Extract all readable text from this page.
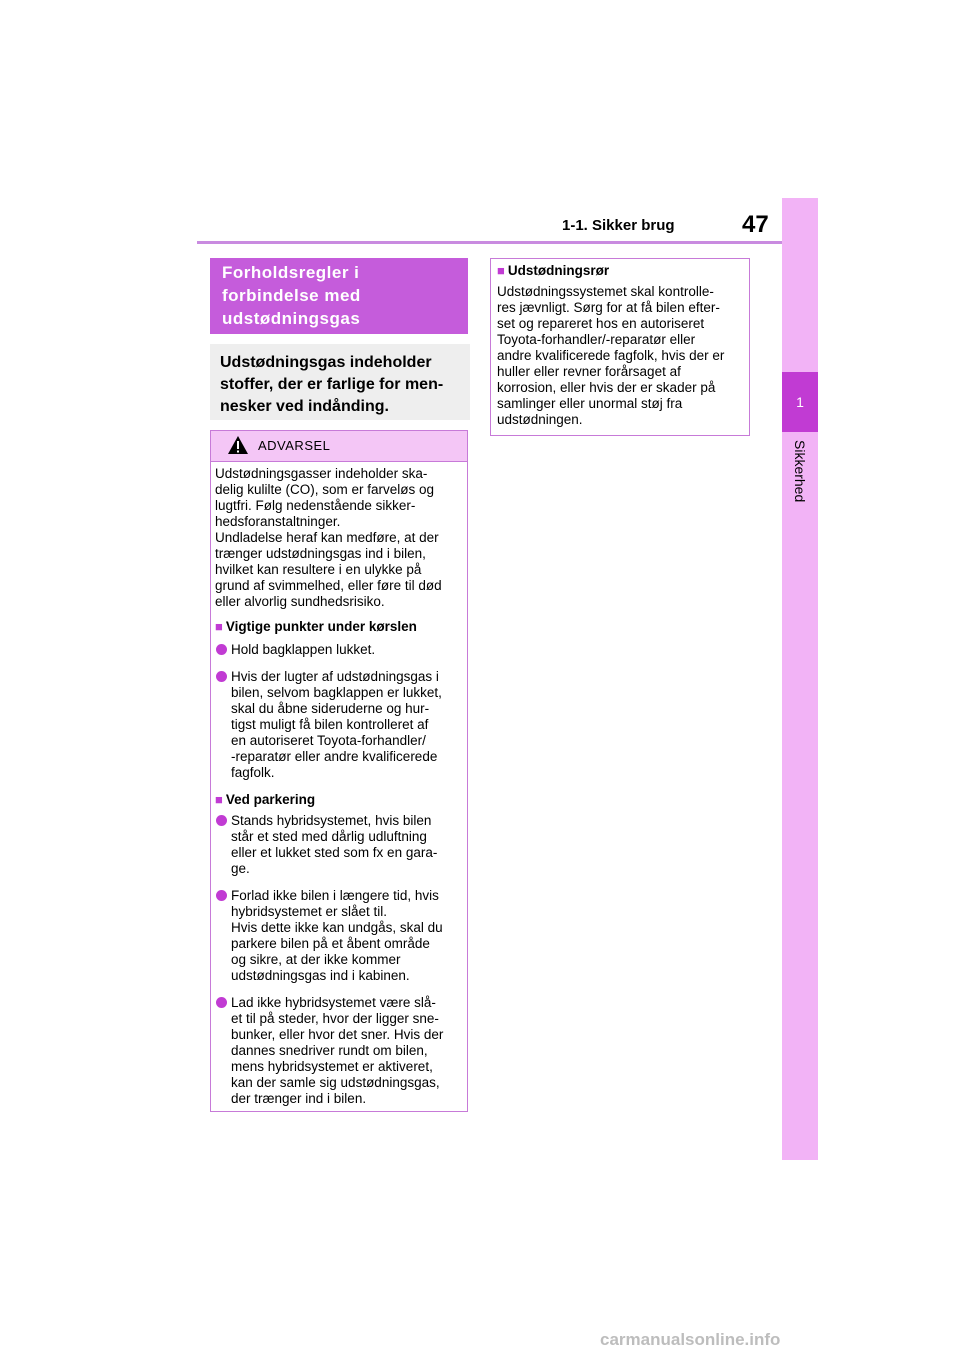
1-1. Sikker brug	47
1
Sikkerhed
Forholdsregler i
forbindelse med
udstødningsgas
Udstødningsgas indeholder
stoffer, der er farlige for men-
nesker ved indånding.
ADVARSEL
Udstødningsgasser indeholder ska-
delig kulilte (CO), som er farveløs og
lugtfri. Følg nedenstående sikker-
hedsforanstaltninger.
Undladelse heraf kan medføre, at der
trænger udstødningsgas ind i bilen,
hvilket kan resultere i en ulykke på
grund af svimmelhed, eller føre til død
eller alvorlig sundhedsrisiko.
■ Vigtige punkter under kørslen
Hold bagklappen lukket.
Hvis der lugter af udstødningsgas i
bilen, selvom bagklappen er lukket,
skal du åbne sideruderne og hur-
tigst muligt få bilen kontrolleret af
en autoriseret Toyota-forhandler/
-reparatør eller andre kvalificerede
fagfolk.
■ Ved parkering
Stands hybridsystemet, hvis bilen
står et sted med dårlig udluftning
eller et lukket sted som fx en gara-
ge.
Forlad ikke bilen i længere tid, hvis
hybridsystemet er slået til.
Hvis dette ikke kan undgås, skal du
parkere bilen på et åbent område
og sikre, at der ikke kommer
udstødningsgas ind i kabinen.
Lad ikke hybridsystemet være slå-
et til på steder, hvor der ligger sne-
bunker, eller hvor det sner. Hvis der
dannes snedriver rundt om bilen,
mens hybridsystemet er aktiveret,
kan der samle sig udstødningsgas,
der trænger ind i bilen.
■ Udstødningsrør
Udstødningssystemet skal kontrolle-
res jævnligt. Sørg for at få bilen efter-
set og repareret hos en autoriseret
Toyota-forhandler/-reparatør eller
andre kvalificerede fagfolk, hvis der er
huller eller revner forårsaget af
korrosion, eller hvis der er skader på
samlinger eller unormal støj fra
udstødningen.
carmanualsonline.info
